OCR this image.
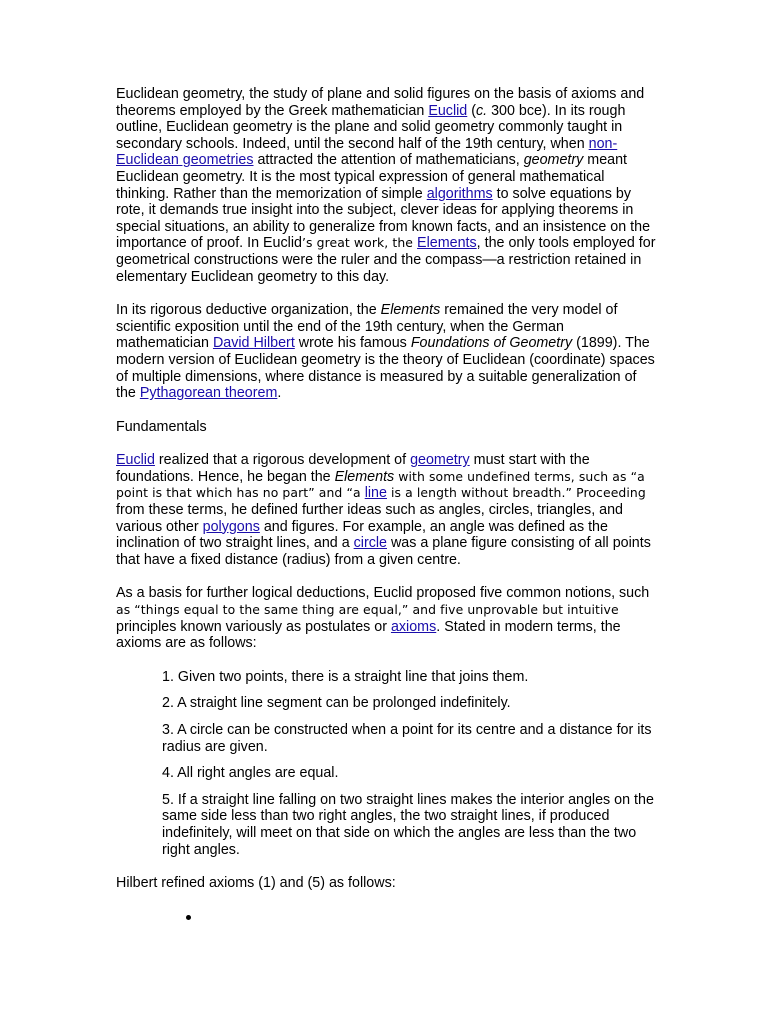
Euclidean geometry, the study of plane and solid figures on the basis of axioms and theorems employed by the Greek mathematician Euclid (c. 300 bce). In its rough outline, Euclidean geometry is the plane and solid geometry commonly taught in secondary schools. Indeed, until the second half of the 19th century, when non-Euclidean geometries attracted the attention of mathematicians, geometry meant Euclidean geometry. It is the most typical expression of general mathematical thinking. Rather than the memorization of simple algorithms to solve equations by rote, it demands true insight into the subject, clever ideas for applying theorems in special situations, an ability to generalize from known facts, and an insistence on the importance of proof. In Euclid’s great work, the Elements, the only tools employed for geometrical constructions were the ruler and the compass—a restriction retained in elementary Euclidean geometry to this day.

In its rigorous deductive organization, the Elements remained the very model of scientific exposition until the end of the 19th century, when the German mathematician David Hilbert wrote his famous Foundations of Geometry (1899). The modern version of Euclidean geometry is the theory of Euclidean (coordinate) spaces of multiple dimensions, where distance is measured by a suitable generalization of the Pythagorean theorem.

Fundamentals

Euclid realized that a rigorous development of geometry must start with the foundations. Hence, he began the Elements with some undefined terms, such as “a point is that which has no part” and “a line is a length without breadth.” Proceeding from these terms, he defined further ideas such as angles, circles, triangles, and various other polygons and figures. For example, an angle was defined as the inclination of two straight lines, and a circle was a plane figure consisting of all points that have a fixed distance (radius) from a given centre.

As a basis for further logical deductions, Euclid proposed five common notions, such as “things equal to the same thing are equal,” and five unprovable but intuitive principles known variously as postulates or axioms. Stated in modern terms, the axioms are as follows:

1. Given two points, there is a straight line that joins them.
2. A straight line segment can be prolonged indefinitely.
3. A circle can be constructed when a point for its centre and a distance for its radius are given.
4. All right angles are equal.
5. If a straight line falling on two straight lines makes the interior angles on the same side less than two right angles, the two straight lines, if produced indefinitely, will meet on that side on which the angles are less than the two right angles.

Hilbert refined axioms (1) and (5) as follows:
